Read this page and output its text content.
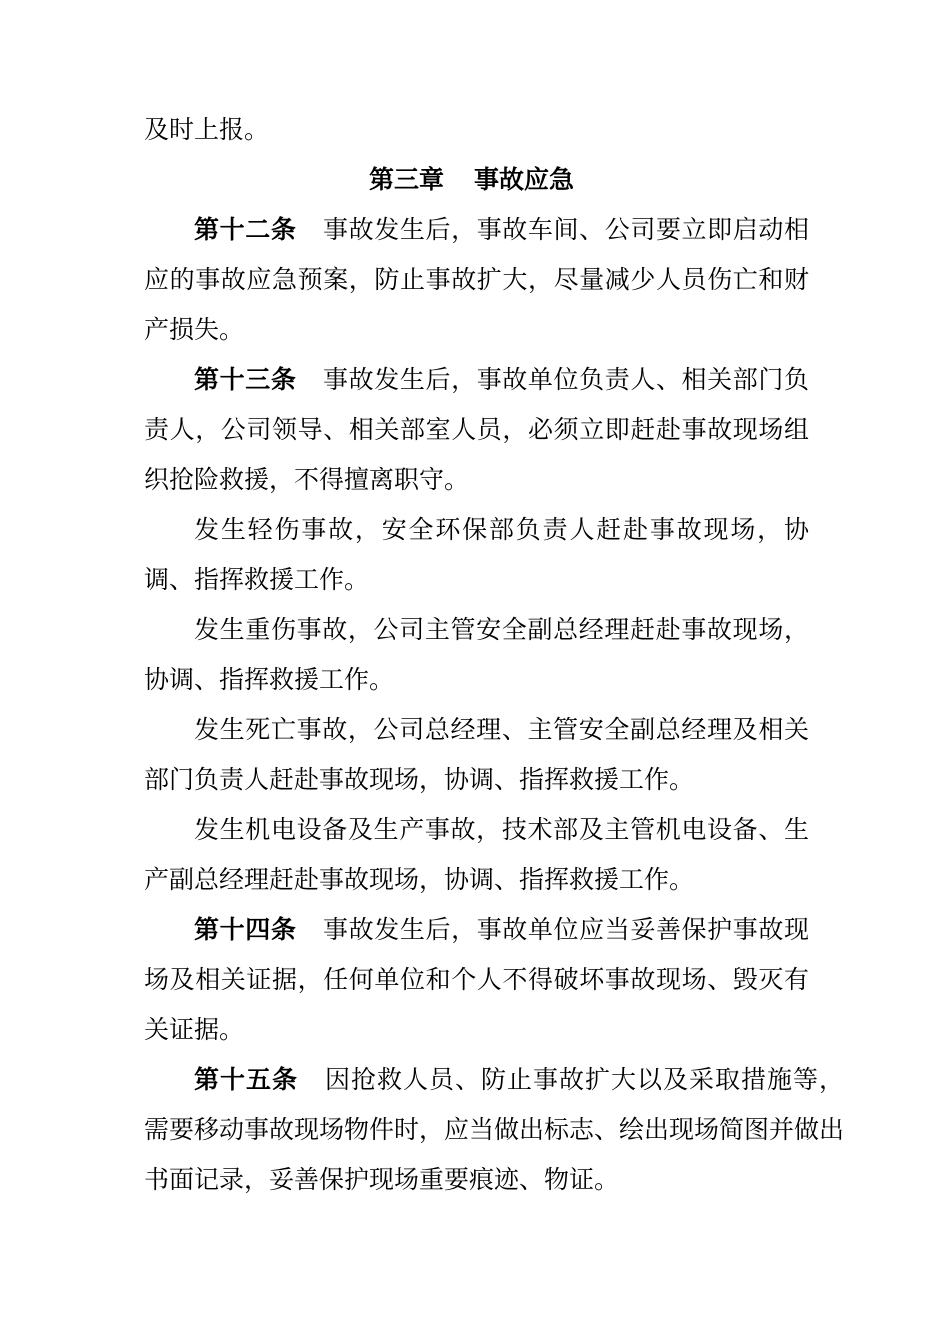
及时上报。

第三章 事故应急

第十二条 事故发生后，事故车间、公司要立即启动相应的事故应急预案，防止事故扩大，尽量减少人员伤亡和财产损失。

第十三条 事故发生后，事故单位负责人、相关部门负责人，公司领导、相关部室人员，必须立即赶赴事故现场组织抢险救援，不得擅离职守。

发生轻伤事故，安全环保部负责人赶赴事故现场，协调、指挥救援工作。

发生重伤事故，公司主管安全副总经理赶赴事故现场，协调、指挥救援工作。

发生死亡事故，公司总经理、主管安全副总经理及相关部门负责人赶赴事故现场，协调、指挥救援工作。

发生机电设备及生产事故，技术部及主管机电设备、生产副总经理赶赴事故现场，协调、指挥救援工作。

第十四条 事故发生后，事故单位应当妥善保护事故现场及相关证据，任何单位和个人不得破坏事故现场、毁灭有关证据。

第十五条 因抢救人员、防止事故扩大以及采取措施等，需要移动事故现场物件时，应当做出标志、绘出现场简图并做出书面记录，妥善保护现场重要痕迹、物证。
